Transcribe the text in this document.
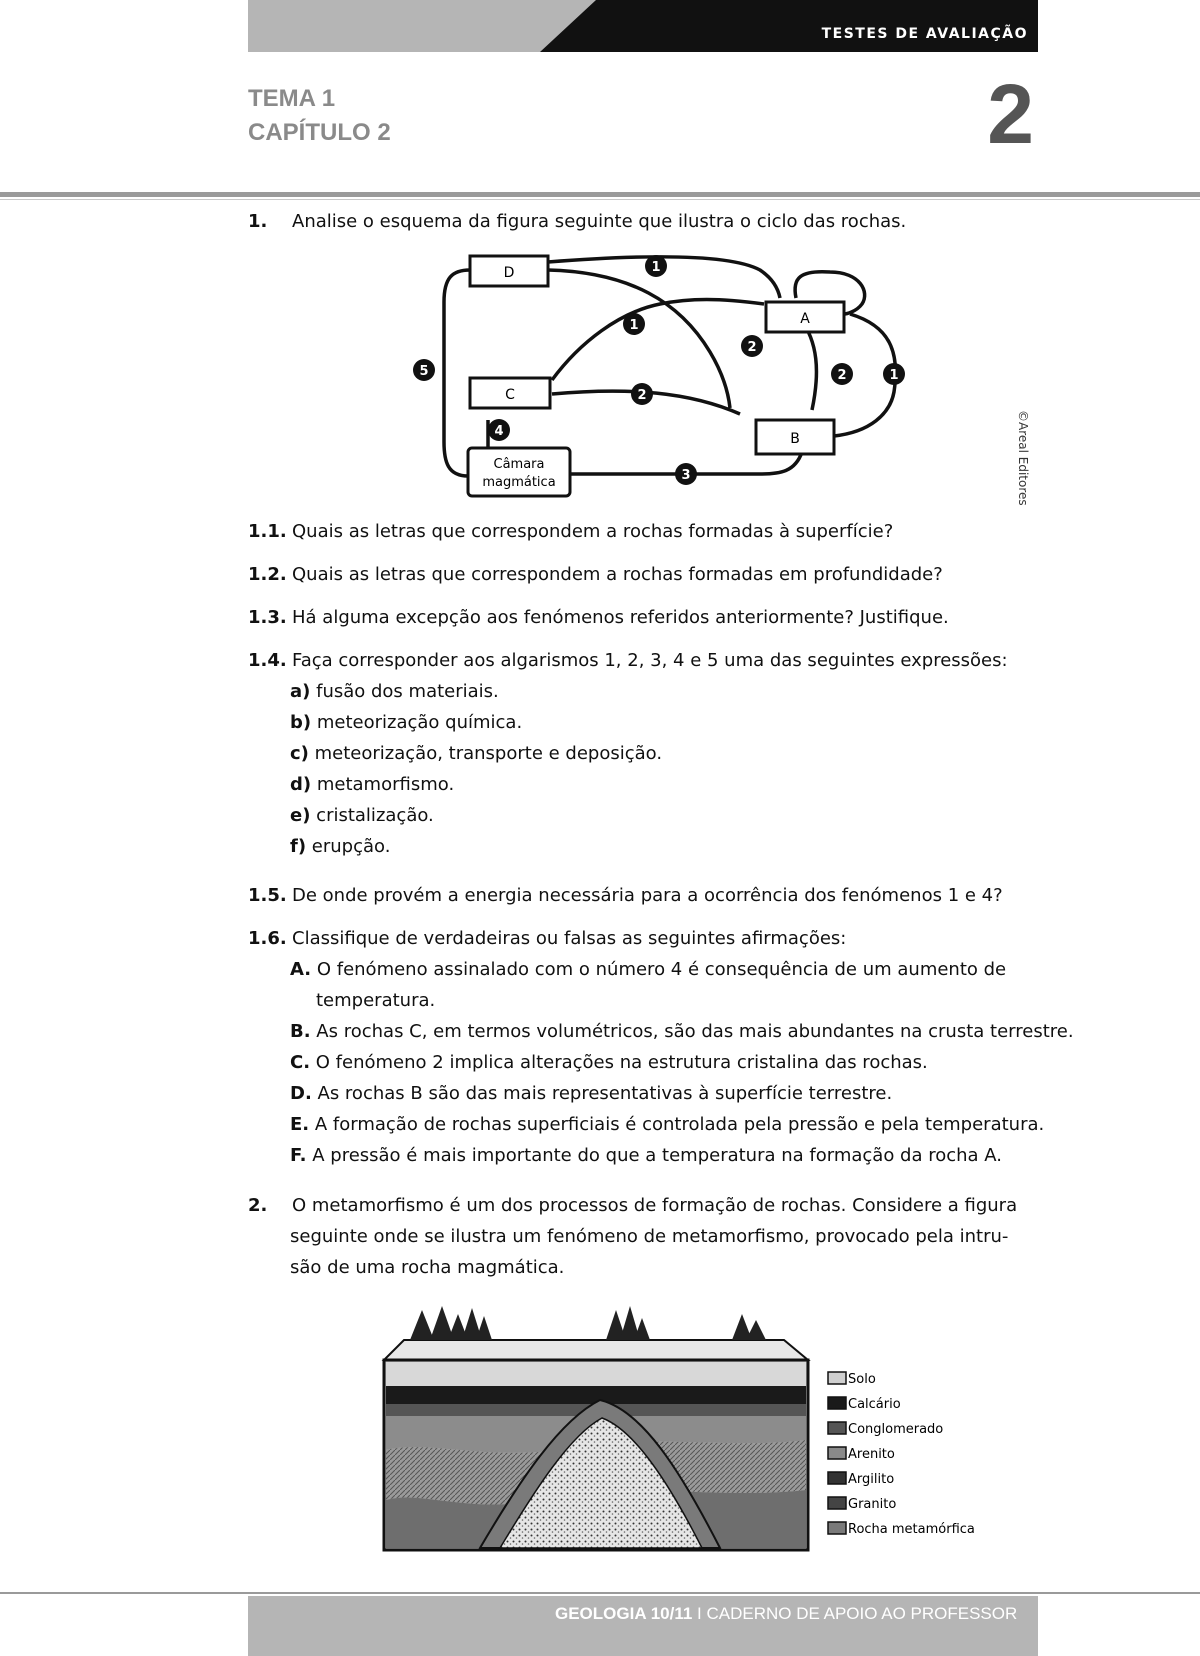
TESTES DE AVALIAÇÃO
TEMA 1
CAPÍTULO 2	2
1. Analise o esquema da figura seguinte que ilustra o ciclo das rochas.
D
A
C
B
Câmara
magmática
1
1
2
2	1
5
2
4
3	©Areal Editores
1.1. Quais as letras que correspondem a rochas formadas à superfície?
1.2. Quais as letras que correspondem a rochas formadas em profundidade?
1.3. Há alguma excepção aos fenómenos referidos anteriormente? Justifique.
1.4. Faça corresponder aos algarismos 1, 2, 3, 4 e 5 uma das seguintes expressões:
a) fusão dos materiais.
b) meteorização química.
c) meteorização, transporte e deposição.
d) metamorfismo.
e) cristalização.
f) erupção.
1.5. De onde provém a energia necessária para a ocorrência dos fenómenos 1 e 4?
1.6. Classifique de verdadeiras ou falsas as seguintes afirmações:
A. O fenómeno assinalado com o número 4 é consequência de um aumento de
temperatura.
B. As rochas C, em termos volumétricos, são das mais abundantes na crusta terrestre.
C. O fenómeno 2 implica alterações na estrutura cristalina das rochas.
D. As rochas B são das mais representativas à superfície terrestre.
E. A formação de rochas superficiais é controlada pela pressão e pela temperatura.
F. A pressão é mais importante do que a temperatura na formação da rocha A.
2. O metamorfismo é um dos processos de formação de rochas. Considere a figura
seguinte onde se ilustra um fenómeno de metamorfismo, provocado pela intru-
são de uma rocha magmática.
Solo
Calcário
Conglomerado
Arenito
Argilito
Granito
Rocha metamórfica
GEOLOGIA 10/11 I CADERNO DE APOIO AO PROFESSOR
